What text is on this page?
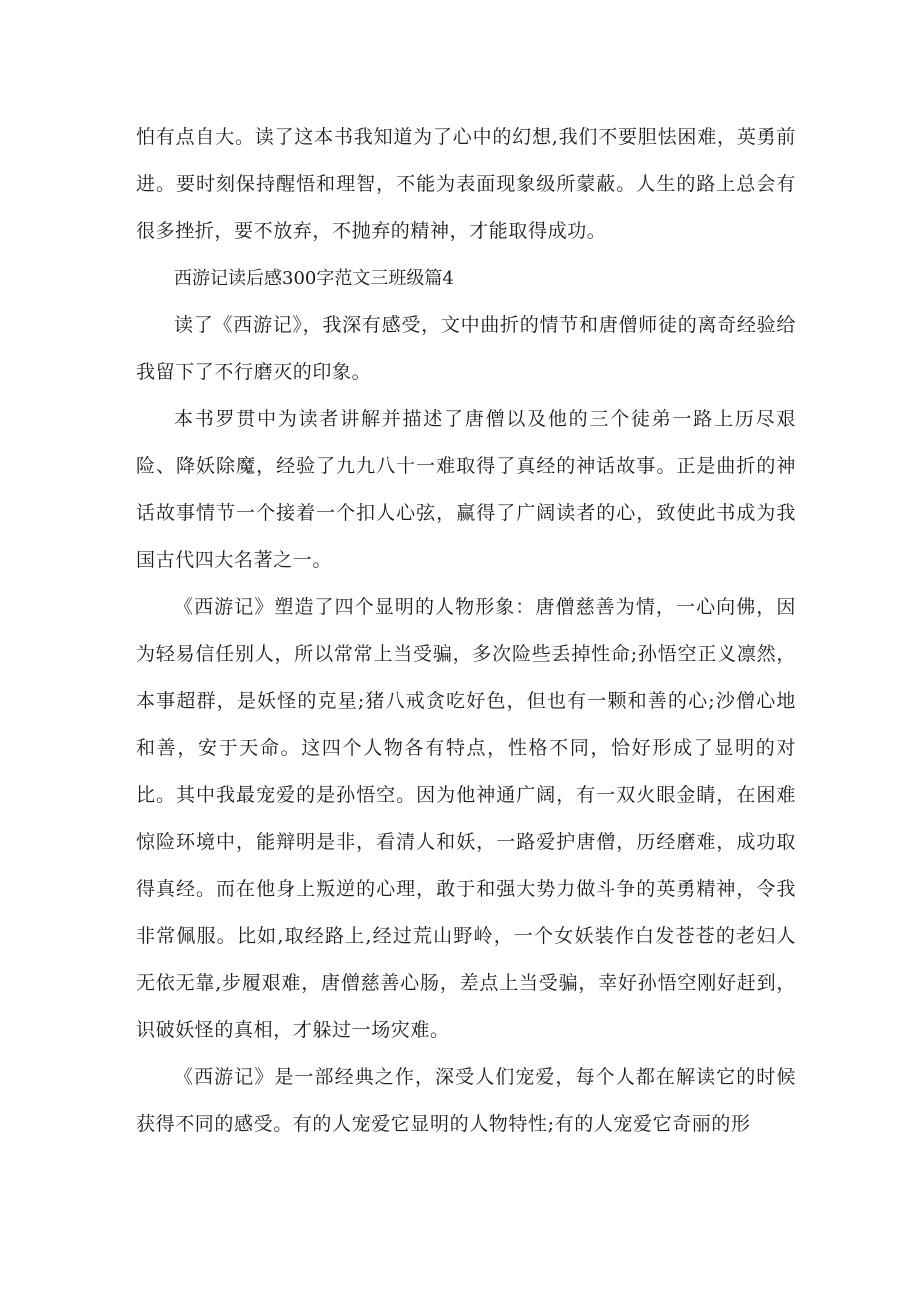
怕有点自大。读了这本书我知道为了心中的幻想,我们不要胆怯困难，英勇前进。要时刻保持醒悟和理智，不能为表面现象级所蒙蔽。人生的路上总会有很多挫折，要不放弃，不抛弃的精神，才能取得成功。

西游记读后感300字范文三班级篇4

读了《西游记》，我深有感受，文中曲折的情节和唐僧师徒的离奇经验给我留下了不行磨灭的印象。

本书罗贯中为读者讲解并描述了唐僧以及他的三个徒弟一路上历尽艰险、降妖除魔，经验了九九八十一难取得了真经的神话故事。正是曲折的神话故事情节一个接着一个扣人心弦，赢得了广阔读者的心，致使此书成为我国古代四大名著之一。

《西游记》塑造了四个显明的人物形象：唐僧慈善为情，一心向佛，因为轻易信任别人，所以常常上当受骗，多次险些丢掉性命;孙悟空正义凛然，本事超群，是妖怪的克星;猪八戒贪吃好色，但也有一颗和善的心;沙僧心地和善，安于天命。这四个人物各有特点，性格不同，恰好形成了显明的对比。其中我最宠爱的是孙悟空。因为他神通广阔，有一双火眼金睛，在困难惊险环境中，能辩明是非，看清人和妖，一路爱护唐僧，历经磨难，成功取得真经。而在他身上叛逆的心理，敢于和强大势力做斗争的英勇精神，令我非常佩服。比如,取经路上,经过荒山野岭，一个女妖装作白发苍苍的老妇人无依无靠,步履艰难，唐僧慈善心肠，差点上当受骗，幸好孙悟空刚好赶到，识破妖怪的真相，才躲过一场灾难。

《西游记》是一部经典之作，深受人们宠爱，每个人都在解读它的时候获得不同的感受。有的人宠爱它显明的人物特性;有的人宠爱它奇丽的形
